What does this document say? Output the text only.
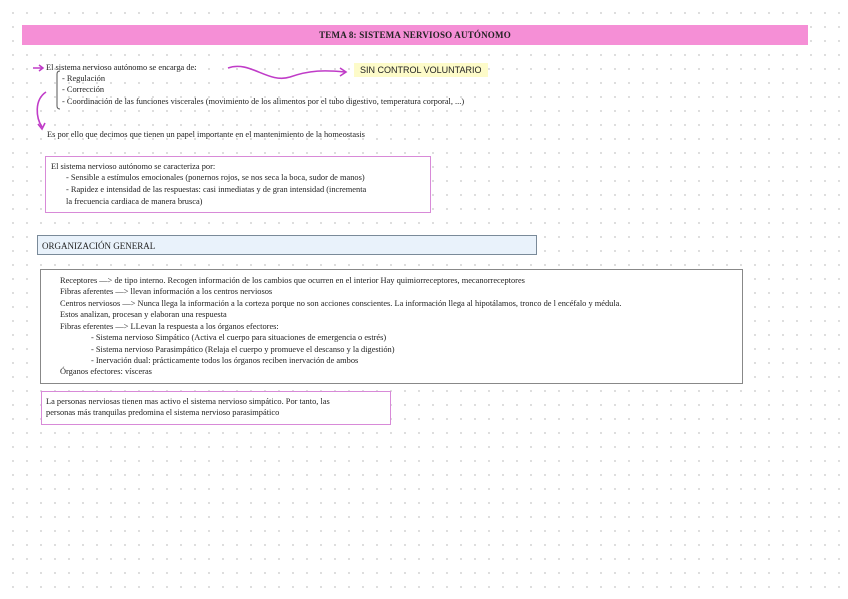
TEMA 8: SISTEMA NERVIOSO AUTÓNOMO
El sistema nervioso autónomo se encarga de:
- Regulación
- Corrección
- Coordinación de las funciones viscerales (movimiento de los alimentos por el tubo digestivo, temperatura corporal, ...)
SIN CONTROL VOLUNTARIO
Es por ello que decimos que tienen un papel importante en el mantenimiento de la homeostasis
El sistema nervioso autónomo se caracteriza por:
- Sensible a estímulos emocionales (ponernos rojos, se nos seca la boca, sudor de manos)
- Rapidez e intensidad de las respuestas: casi inmediatas y de gran intensidad (incrementa
la frecuencia cardiaca de manera brusca)
ORGANIZACIÓN GENERAL
Receptores —> de tipo interno. Recogen información de los cambios que ocurren en el interior Hay quimiorreceptores, mecanorreceptores
Fibras aferentes —> llevan información a los centros nerviosos
Centros nerviosos —> Nunca llega la información a la corteza porque no son acciones conscientes. La información llega al hipotálamos, tronco de l encéfalo y médula.
Estos analizan, procesan y elaboran una respuesta
Fibras eferentes —> LLevan la respuesta a los órganos efectores:
- Sistema nervioso Simpático (Activa el cuerpo para situaciones de emergencia o estrés)
- Sistema nervioso Parasimpático (Relaja el cuerpo y promueve el descanso y la digestión)
- Inervación dual: prácticamente todos los órganos reciben inervación de ambos
Órganos efectores: vísceras
La personas nerviosas tienen mas activo el sistema nervioso simpático. Por tanto, las
personas más tranquilas predomina el sistema nervioso parasimpático
